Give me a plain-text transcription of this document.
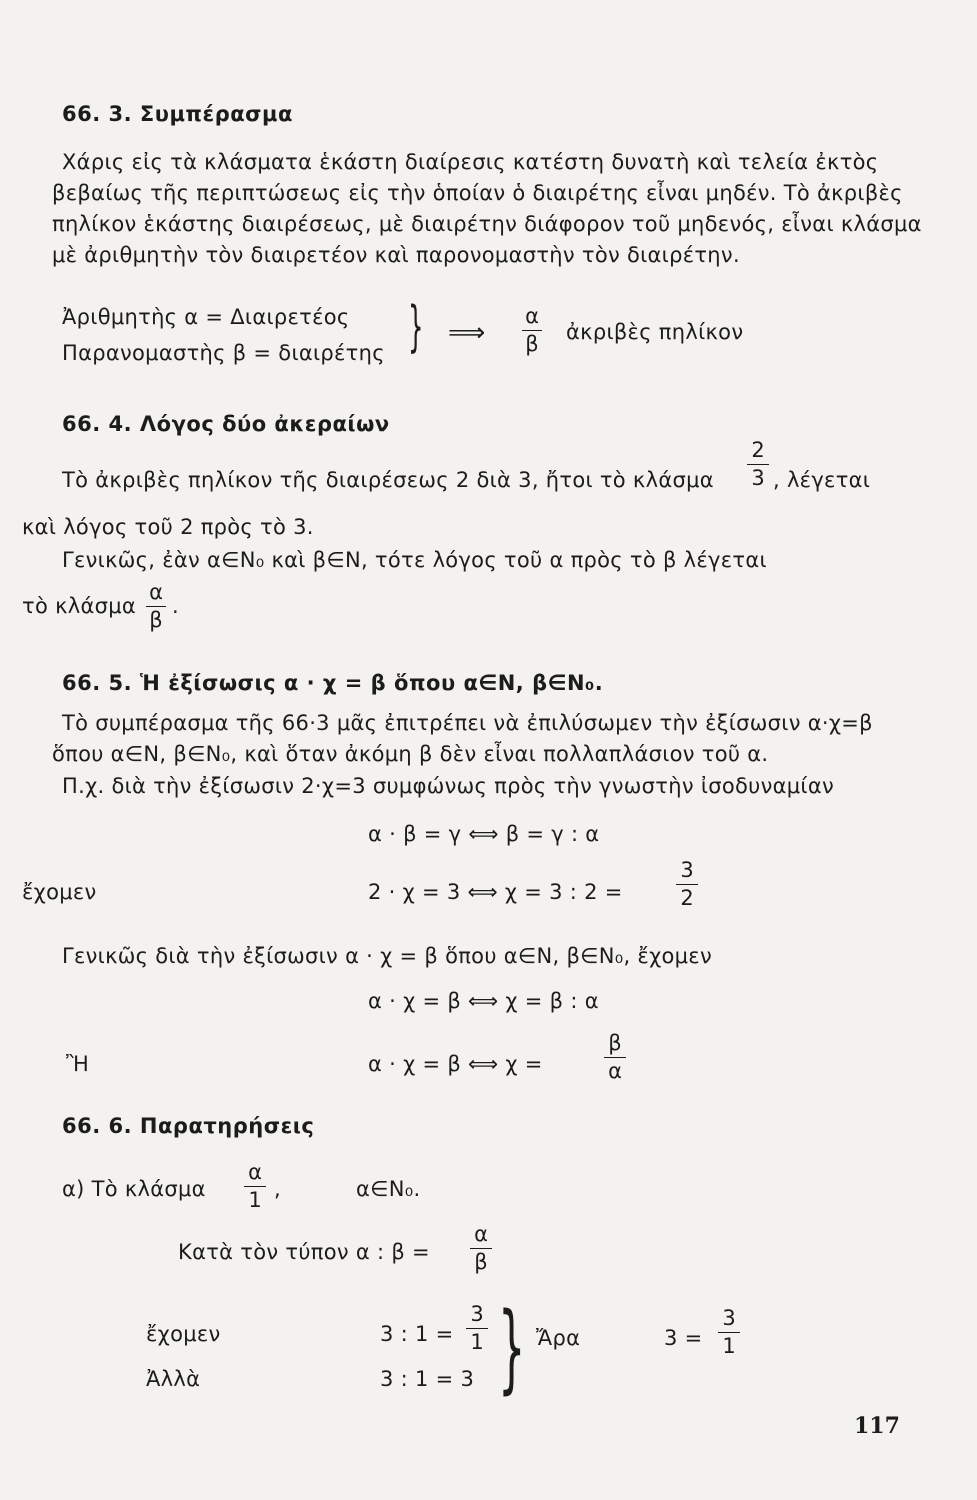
66. 3. Συμπέρασμα
Χάρις εἰς τὰ κλάσματα ἑκάστη διαίρεσις κατέστη δυνατὴ καὶ τελεία ἐκτὸς
βεβαίως τῆς περιπτώσεως εἰς τὴν ὁποίαν ὁ διαιρέτης εἶναι μηδέν. Τὸ ἀκριβὲς
πηλίκον ἑκάστης διαιρέσεως, μὲ διαιρέτην διάφορον τοῦ μηδενός, εἶναι κλάσμα
μὲ ἀριθμητὴν τὸν διαιρετέον καὶ παρονομαστὴν τὸν διαιρέτην.
Ἀριθμητὴς α = Διαιρετέος
Παρανομαστὴς β = διαιρέτης } ⟹
α
β ἀκριβὲς πηλίκον
66. 4. Λόγος δύο ἀκεραίων
Τὸ ἀκριβὲς πηλίκον τῆς διαιρέσεως 2 διὰ 3, ἤτοι τὸ κλάσμα
2
3 , λέγεται
καὶ λόγος τοῦ 2 πρὸς τὸ 3.
Γενικῶς, ἐὰν α∈N₀ καὶ β∈N, τότε λόγος τοῦ α πρὸς τὸ β λέγεται
τὸ κλάσμα
α
β
.
66. 5. Ἡ ἐξίσωσις α · χ = β ὅπου α∈N, β∈N₀.
Τὸ συμπέρασμα τῆς 66·3 μᾶς ἐπιτρέπει νὰ ἐπιλύσωμεν τὴν ἐξίσωσιν α·χ=β
ὅπου α∈N, β∈N₀, καὶ ὅταν ἀκόμη β δὲν εἶναι πολλαπλάσιον τοῦ α.
Π.χ. διὰ τὴν ἐξίσωσιν 2·χ=3 συμφώνως πρὸς τὴν γνωστὴν ἰσοδυναμίαν
α · β = γ ⟺ β = γ : α
ἔχομεν	2 · χ = 3 ⟺ χ = 3 : 2 =
3
2
Γενικῶς διὰ τὴν ἐξίσωσιν α · χ = β ὅπου α∈N, β∈N₀, ἔχομεν
α · χ = β ⟺ χ = β : α
Ἢ	α · χ = β ⟺ χ =
β
α
66. 6. Παρατηρήσεις
α) Τὸ κλάσμα
α
1 ,	α∈N₀.
Κατὰ τὸν τύπον α : β =
α
β
ἔχομεν	3 : 1 =
3
1
Ἀλλὰ	3 : 1 = 3 } Ἄρα	3 =
3
1
117
